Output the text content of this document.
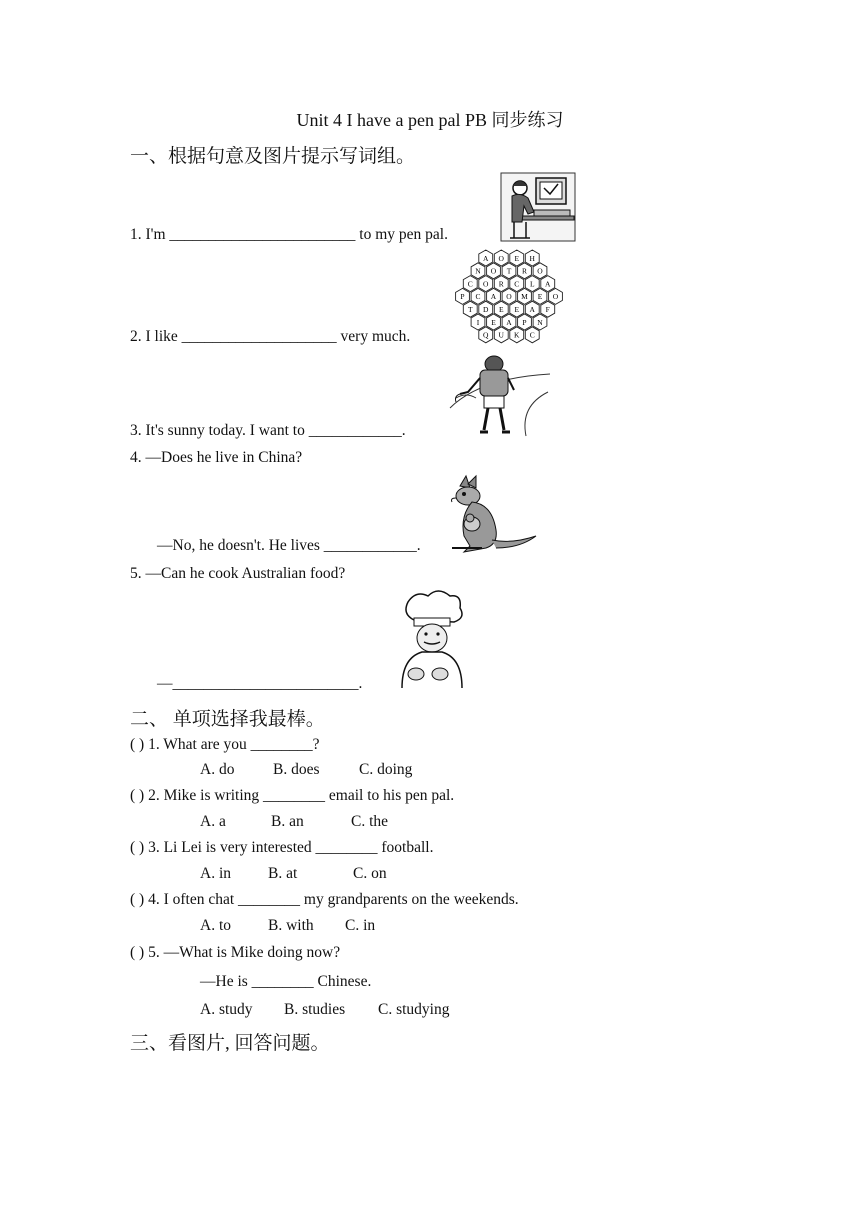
Unit 4 I have a pen pal PB 同步练习
一、根据句意及图片提示写词组。
1. I'm ________________________ to my pen pal.
2. I like ____________________ very much.
3. It's sunny today. I want to ____________.
4. —Does he live in China?
—No, he doesn't. He lives ____________.
5. —Can he cook Australian food?
—________________________.
A O E H
N O T R O
C O R C L A
P C A O M E O
T D E E A F
I E A P N
Q U K C
二、 单项选择我最棒。
( ) 1. What are you ________?
A. do B. does	C. doing
( ) 2. Mike is writing ________ email to his pen pal.
A. a	B. an	C. the
( ) 3. Li Lei is very interested ________ football.
A. in B. at	C. on
( ) 4. I often chat ________ my grandparents on the weekends.
A. to B. with C. in
( ) 5. —What is Mike doing now?
—He is ________ Chinese.
A. study B. studies C. studying
三、看图片, 回答问题。
